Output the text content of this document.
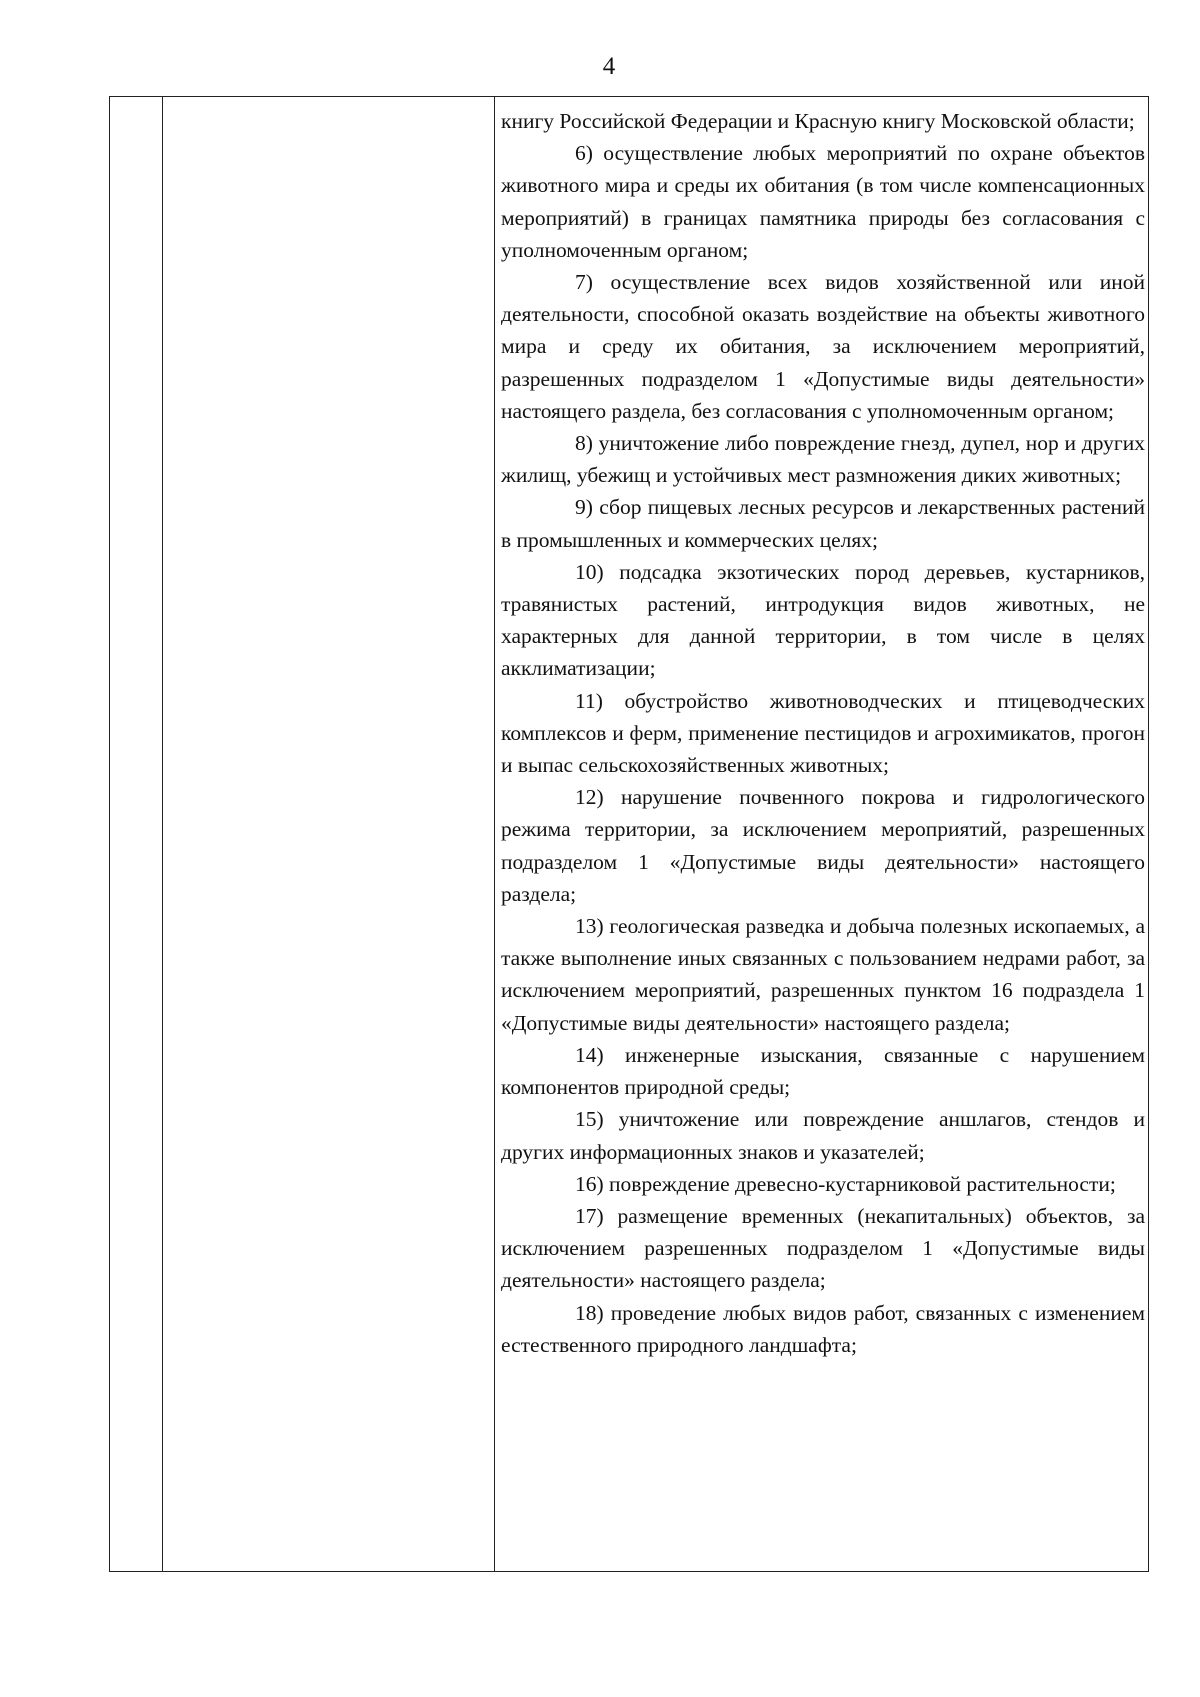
4

книгу Российской Федерации и Красную книгу Московской области;

6) осуществление любых мероприятий по охране объектов животного мира и среды их обитания (в том числе компенсационных мероприятий) в границах памятника природы без согласования с уполномоченным органом;

7) осуществление всех видов хозяйственной или иной деятельности, способной оказать воздействие на объекты животного мира и среду их обитания, за исключением мероприятий, разрешенных подразделом 1 «Допустимые виды деятельности» настоящего раздела, без согласования с уполномоченным органом;

8) уничтожение либо повреждение гнезд, дупел, нор и других жилищ, убежищ и устойчивых мест размножения диких животных;

9) сбор пищевых лесных ресурсов и лекарственных растений в промышленных и коммерческих целях;

10) подсадка экзотических пород деревьев, кустарников, травянистых растений, интродукция видов животных, не характерных для данной территории, в том числе в целях акклиматизации;

11) обустройство животноводческих и птицеводческих комплексов и ферм, применение пестицидов и агрохимикатов, прогон и выпас сельскохозяйственных животных;

12) нарушение почвенного покрова и гидрологического режима территории, за исключением мероприятий, разрешенных подразделом 1 «Допустимые виды деятельности» настоящего раздела;

13) геологическая разведка и добыча полезных ископаемых, а также выполнение иных связанных с пользованием недрами работ, за исключением мероприятий, разрешенных пунктом 16 подраздела 1 «Допустимые виды деятельности» настоящего раздела;

14) инженерные изыскания, связанные с нарушением компонентов природной среды;

15) уничтожение или повреждение аншлагов, стендов и других информационных знаков и указателей;

16) повреждение древесно-кустарниковой растительности;

17) размещение временных (некапитальных) объектов, за исключением разрешенных подразделом 1 «Допустимые виды деятельности» настоящего раздела;

18) проведение любых видов работ, связанных с изменением естественного природного ландшафта;
